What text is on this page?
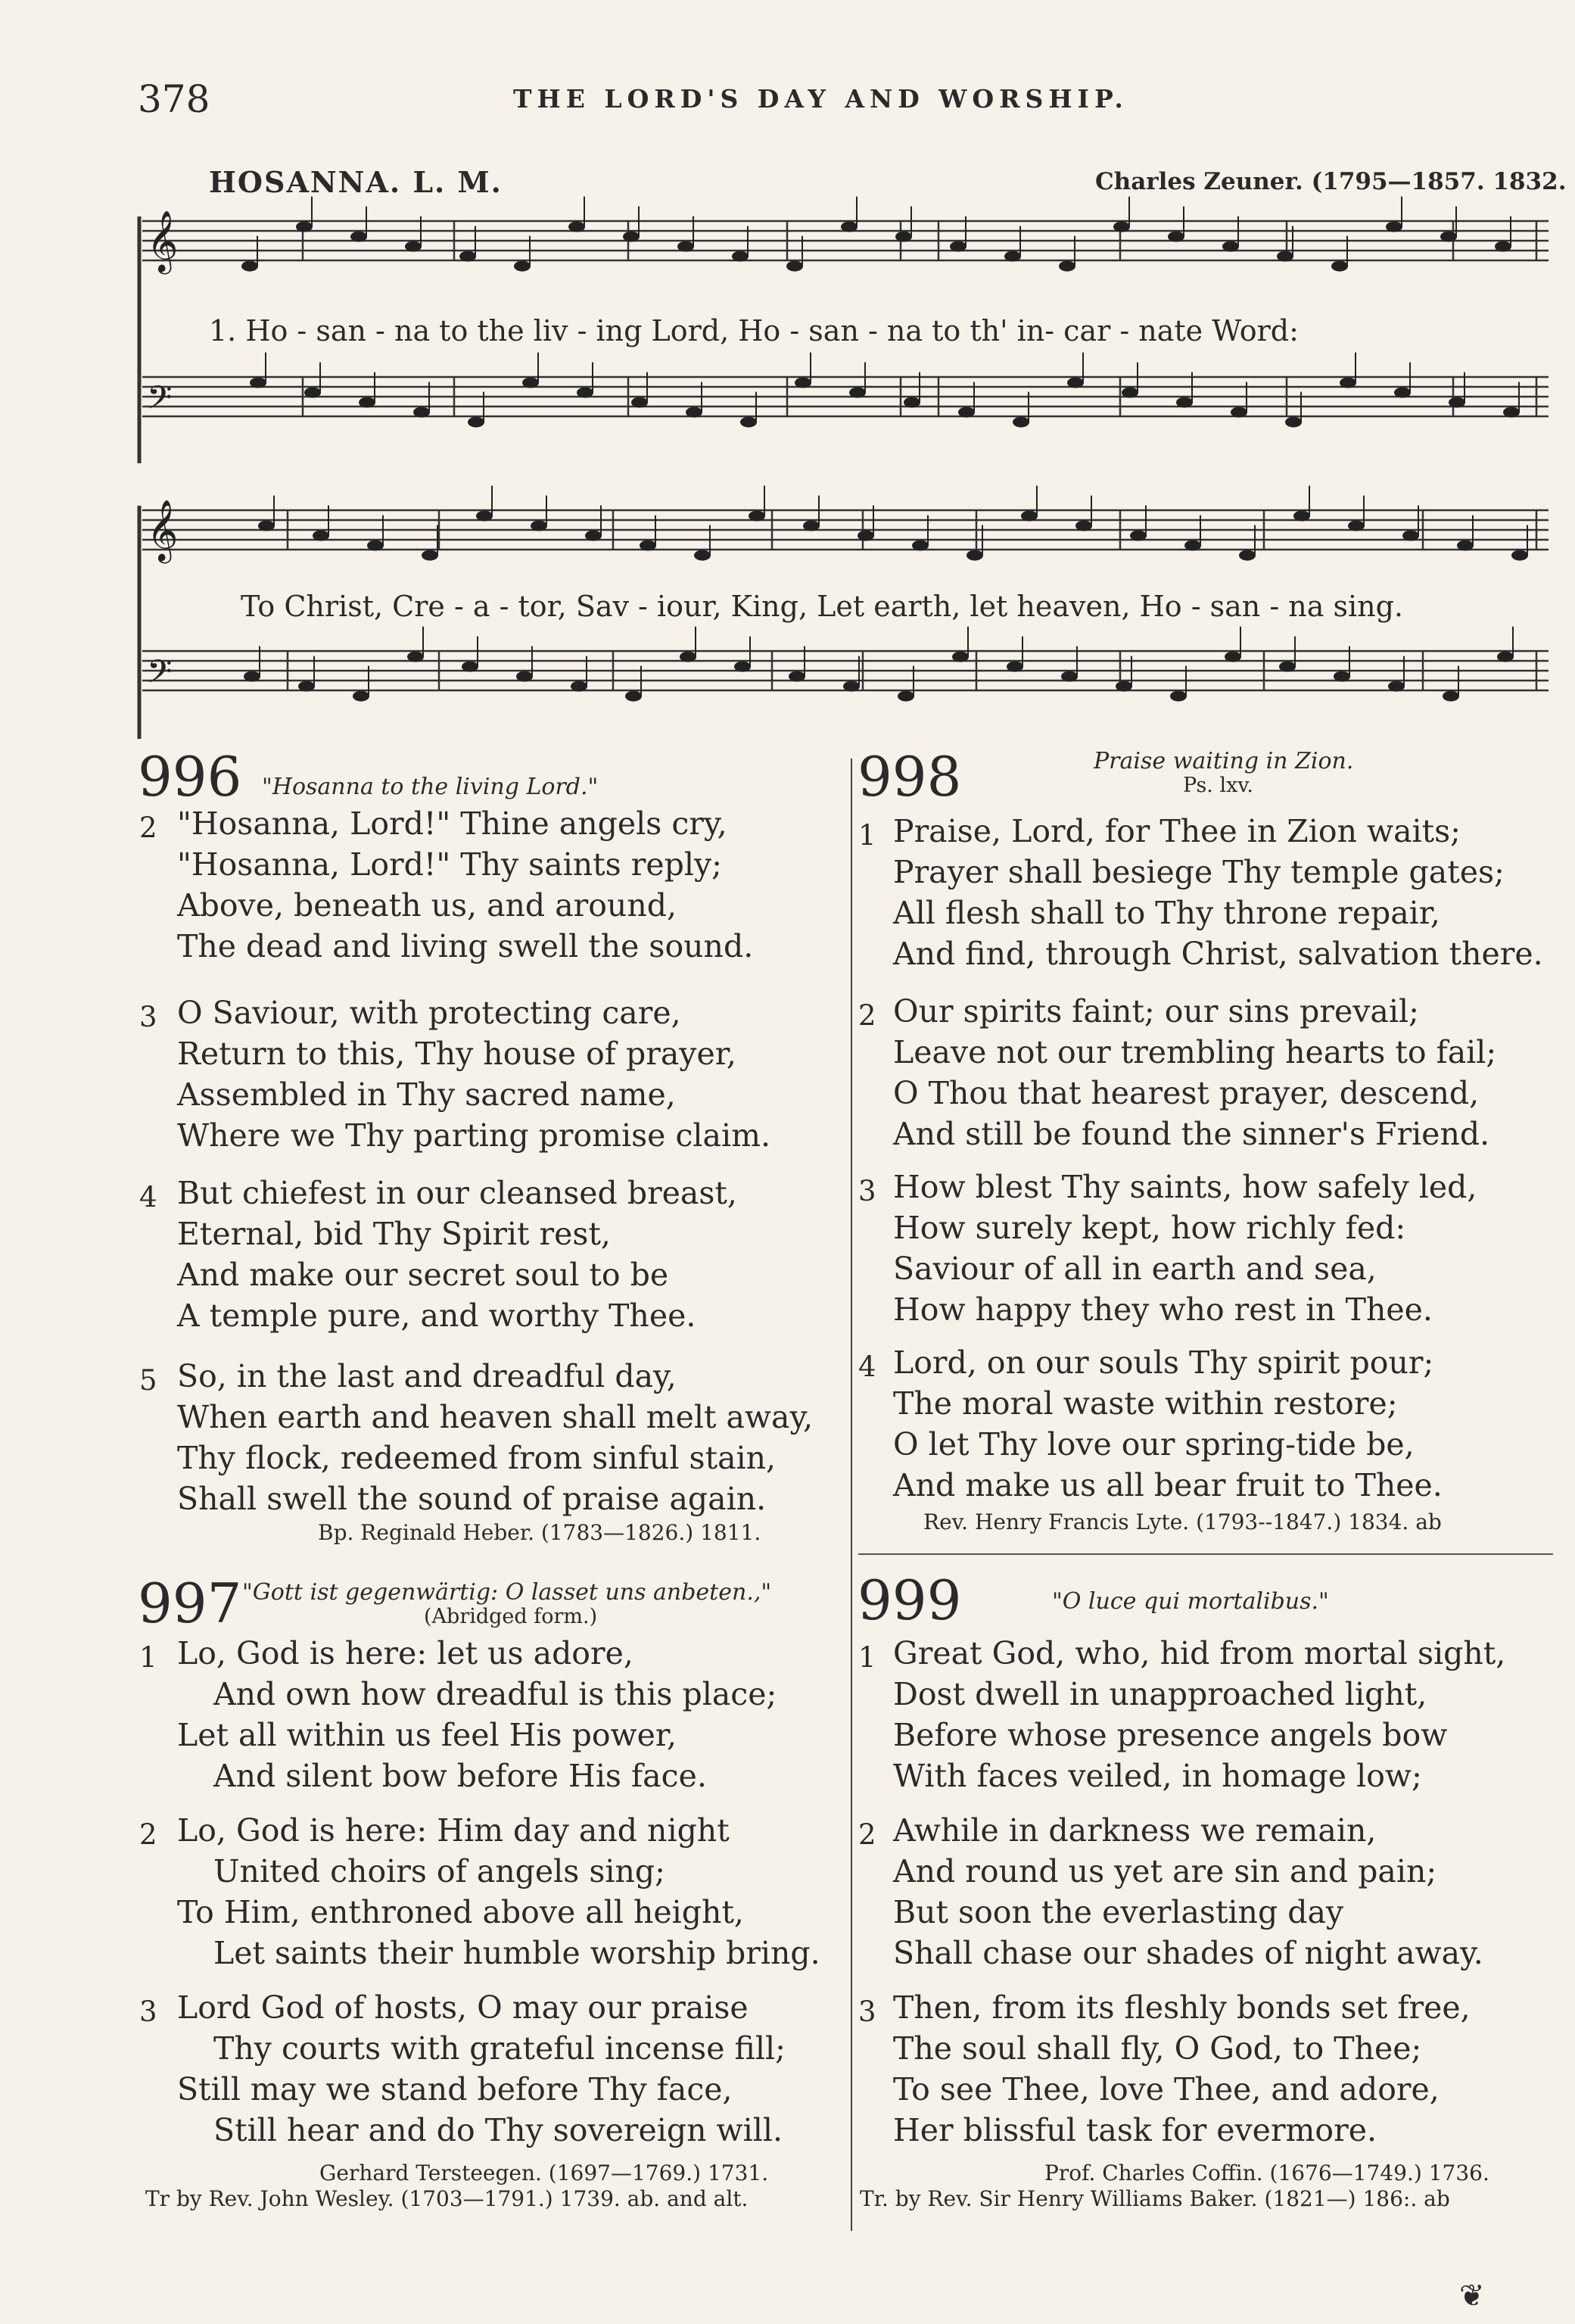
378	THE LORD'S DAY AND WORSHIP.
HOSANNA. L. M.	Charles Zeuner. (1795—1857. 1832.
𝄞
𝄢
𝄞
𝄢
1. Ho - san - na to the liv - ing Lord, Ho - san - na to th' in- car - nate Word:
To Christ, Cre - a - tor, Sav - iour, King, Let earth, let heaven, Ho - san - na sing.
996 "Hosanna to the living Lord."
2 "Hosanna, Lord!" Thine angels cry,
"Hosanna, Lord!" Thy saints reply;
Above, beneath us, and around,
The dead and living swell the sound.
3 O Saviour, with protecting care,
Return to this, Thy house of prayer,
Assembled in Thy sacred name,
Where we Thy parting promise claim.
4 But chiefest in our cleansed breast,
Eternal, bid Thy Spirit rest,
And make our secret soul to be
A temple pure, and worthy Thee.
5 So, in the last and dreadful day,
When earth and heaven shall melt away,
Thy flock, redeemed from sinful stain,
Shall swell the sound of praise again.
Bp. Reginald Heber. (1783—1826.) 1811.
997 "Gott ist gegenwärtig: O lasset uns anbeten.,"
(Abridged form.)
1 Lo, God is here: let us adore,
And own how dreadful is this place;
Let all within us feel His power,
And silent bow before His face.
2 Lo, God is here: Him day and night
United choirs of angels sing;
To Him, enthroned above all height,
Let saints their humble worship bring.
3 Lord God of hosts, O may our praise
Thy courts with grateful incense fill;
Still may we stand before Thy face,
Still hear and do Thy sovereign will.
Gerhard Tersteegen. (1697—1769.) 1731.
Tr by Rev. John Wesley. (1703—1791.) 1739. ab. and alt.
998	Praise waiting in Zion.
Ps. lxv.
1 Praise, Lord, for Thee in Zion waits;
Prayer shall besiege Thy temple gates;
All flesh shall to Thy throne repair,
And find, through Christ, salvation there.
2 Our spirits faint; our sins prevail;
Leave not our trembling hearts to fail;
O Thou that hearest prayer, descend,
And still be found the sinner's Friend.
3 How blest Thy saints, how safely led,
How surely kept, how richly fed:
Saviour of all in earth and sea,
How happy they who rest in Thee.
4 Lord, on our souls Thy spirit pour;
The moral waste within restore;
O let Thy love our spring-tide be,
And make us all bear fruit to Thee.
Rev. Henry Francis Lyte. (1793--1847.) 1834. ab
999	"O luce qui mortalibus."
1 Great God, who, hid from mortal sight,
Dost dwell in unapproached light,
Before whose presence angels bow
With faces veiled, in homage low;
2 Awhile in darkness we remain,
And round us yet are sin and pain;
But soon the everlasting day
Shall chase our shades of night away.
3 Then, from its fleshly bonds set free,
The soul shall fly, O God, to Thee;
To see Thee, love Thee, and adore,
Her blissful task for evermore.
Prof. Charles Coffin. (1676—1749.) 1736.
Tr. by Rev. Sir Henry Williams Baker. (1821—) 186:. ab
❦
